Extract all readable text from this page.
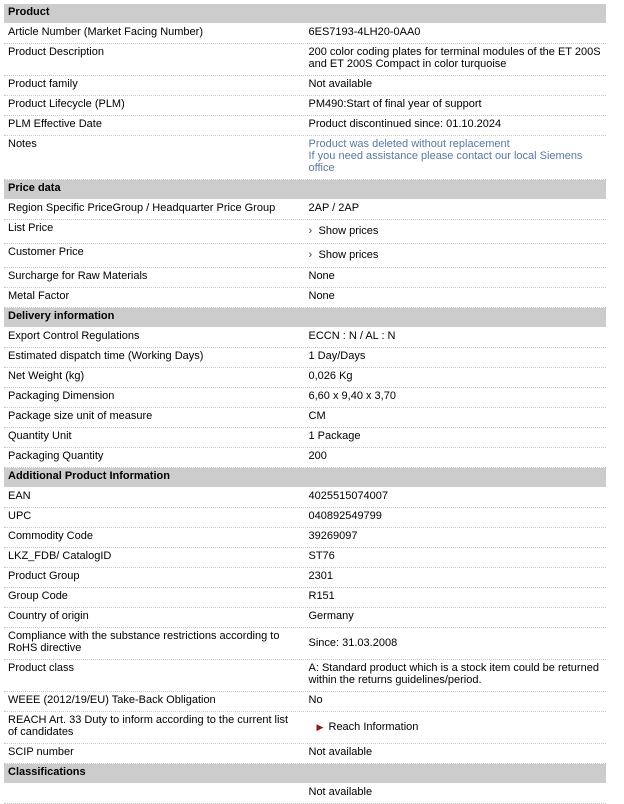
Product	
Article Number (Market Facing Number)	6ES7193-4LH20-0AA0
Product Description	200 color coding plates for terminal modules of the ET 200S and ET 200S Compact in color turquoise
Product family	Not available
Product Lifecycle (PLM)	PM490:Start of final year of support
PLM Effective Date	Product discontinued since: 01.10.2024
Notes	Product was deleted without replacement
If you need assistance please contact our local Siemens office

Price data	
Region Specific PriceGroup / Headquarter Price Group	2AP / 2AP
List Price	› Show prices
Customer Price	› Show prices
Surcharge for Raw Materials	None
Metal Factor	None
Delivery information	
Export Control Regulations	ECCN : N / AL : N
Estimated dispatch time (Working Days)	1 Day/Days
Net Weight (kg)	0,026 Kg
Packaging Dimension	6,60 x 9,40 x 3,70
Package size unit of measure	CM
Quantity Unit	1 Package
Packaging Quantity	200
Additional Product Information	
EAN	4025515074007
UPC	040892549799
Commodity Code	39269097
LKZ_FDB/ CatalogID	ST76
Product Group	2301
Group Code	R151
Country of origin	Germany
Compliance with the substance restrictions according to RoHS directive	Since: 31.03.2008
Product class	A: Standard product which is a stock item could be returned within the returns guidelines/period.
WEEE (2012/19/EU) Take-Back Obligation	No
REACH Art. 33 Duty to inform according to the current list of candidates	▶ Reach Information
SCIP number	Not available
Classifications	
	Not available
